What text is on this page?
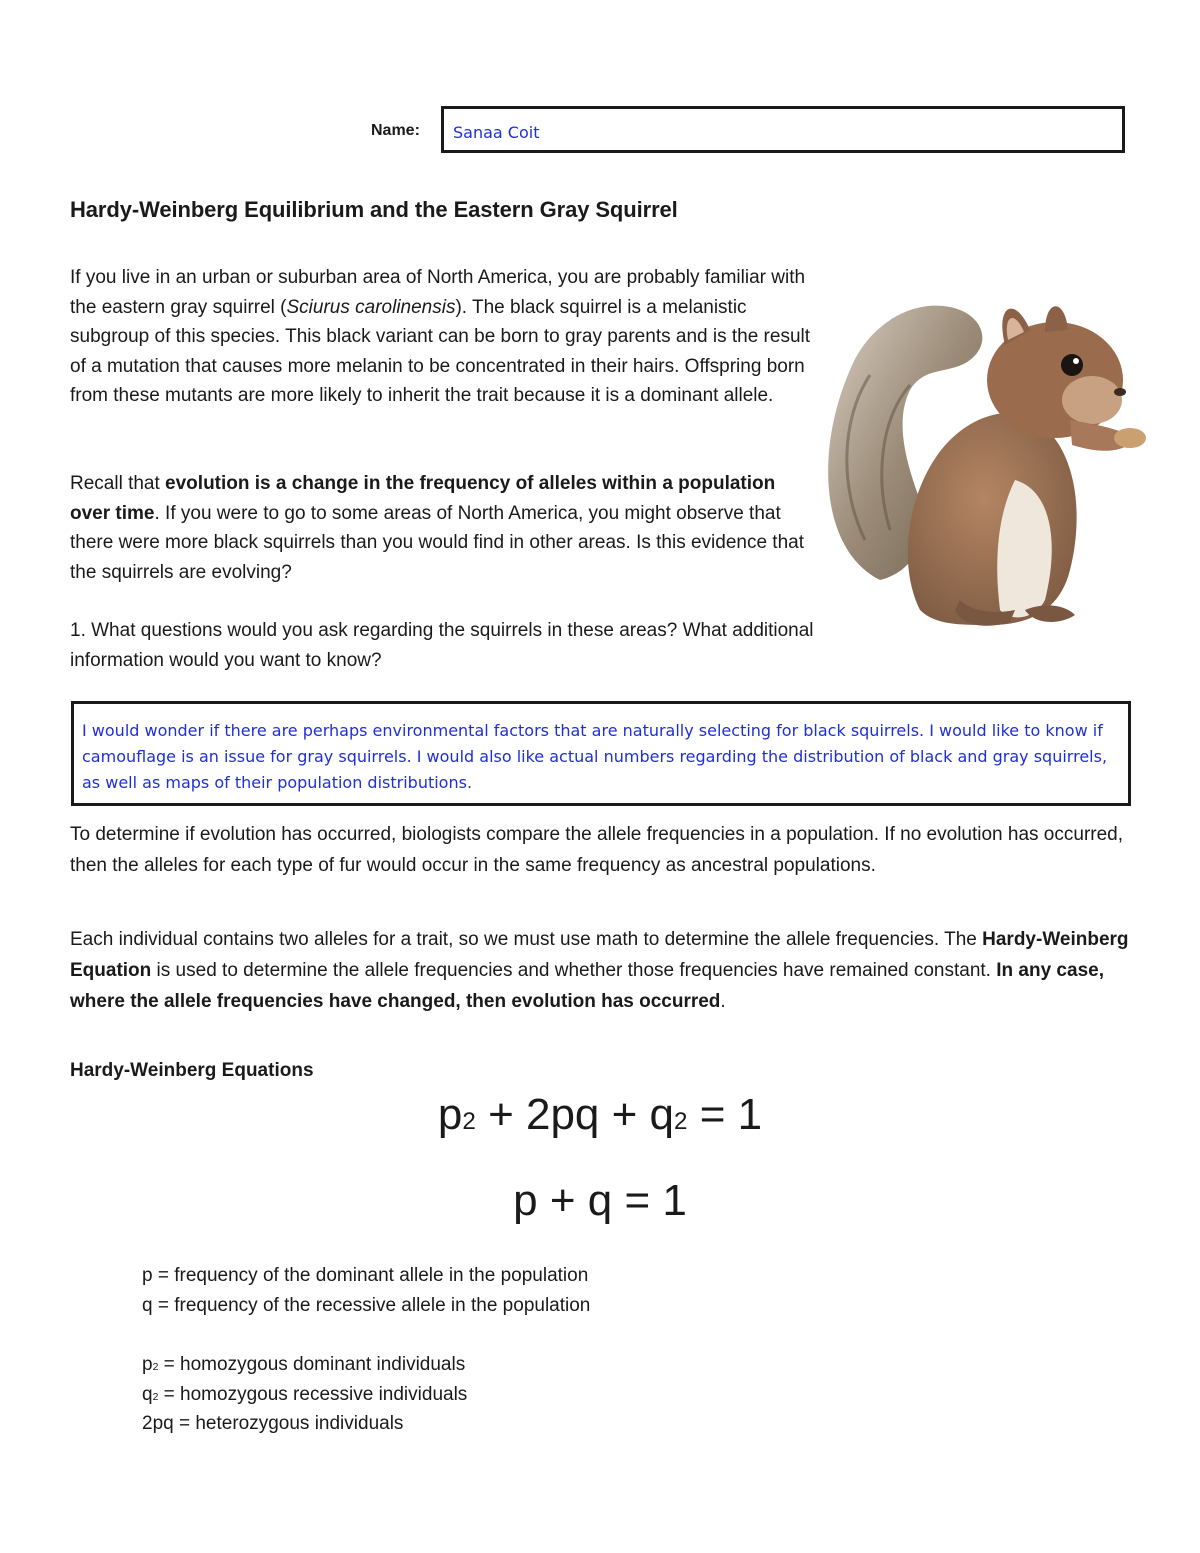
Name: Sanaa Coit
Hardy-Weinberg Equilibrium and the Eastern Gray Squirrel
If you live in an urban or suburban area of North America, you are probably familiar with the eastern gray squirrel (Sciurus carolinensis). The black squirrel is a melanistic subgroup of this species. This black variant can be born to gray parents and is the result of a mutation that causes more melanin to be concentrated in their hairs. Offspring born from these mutants are more likely to inherit the trait because it is a dominant allele.
Recall that evolution is a change in the frequency of alleles within a population over time. If you were to go to some areas of North America, you might observe that there were more black squirrels than you would find in other areas. Is this evidence that the squirrels are evolving?
1. What questions would you ask regarding the squirrels in these areas? What additional information would you want to know?
I would wonder if there are perhaps environmental factors that are naturally selecting for black squirrels. I would like to know if camouflage is an issue for gray squirrels. I would also like actual numbers regarding the distribution of black and gray squirrels, as well as maps of their population distributions.
To determine if evolution has occurred, biologists compare the allele frequencies in a population. If no evolution has occurred, then the alleles for each type of fur would occur in the same frequency as ancestral populations.
Each individual contains two alleles for a trait, so we must use math to determine the allele frequencies. The Hardy-Weinberg Equation is used to determine the allele frequencies and whether those frequencies have remained constant. In any case, where the allele frequencies have changed, then evolution has occurred.
Hardy-Weinberg Equations
$p^2 + 2pq + q^2 = 1$
p + q = 1
p = frequency of the dominant allele in the population
q = frequency of the recessive allele in the population
$p^2$ = homozygous dominant individuals
$q^2$ = homozygous recessive individuals
2pq = heterozygous individuals
